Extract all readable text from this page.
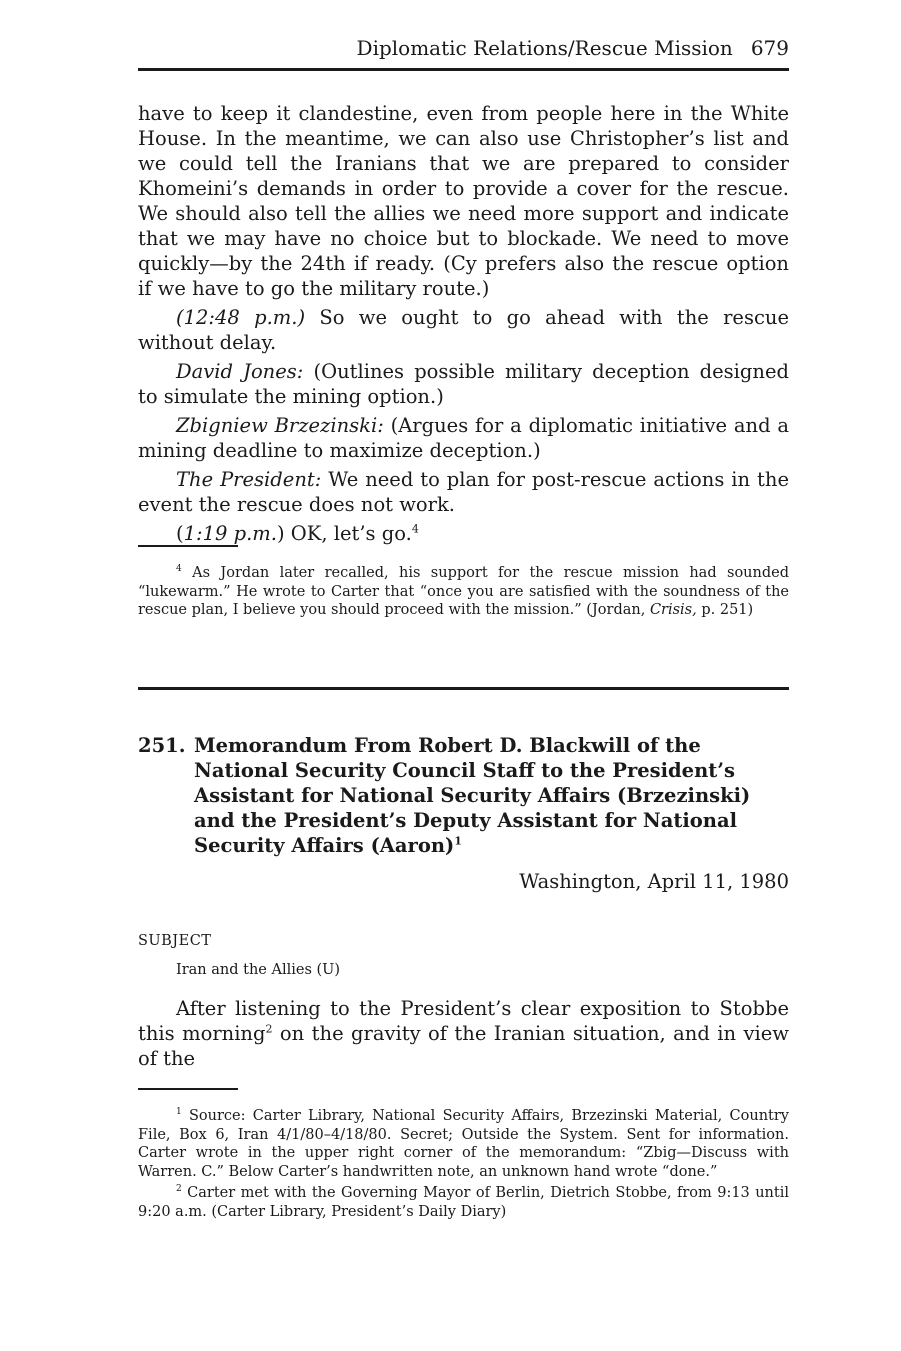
Diplomatic Relations/Rescue Mission 679

have to keep it clandestine, even from people here in the White House. In the meantime, we can also use Christopher’s list and we could tell the Iranians that we are prepared to consider Khomeini’s demands in order to provide a cover for the rescue. We should also tell the allies we need more support and indicate that we may have no choice but to blockade. We need to move quickly—by the 24th if ready. (Cy prefers also the rescue option if we have to go the military route.)

(12:48 p.m.) So we ought to go ahead with the rescue without delay.

David Jones: (Outlines possible military deception designed to simulate the mining option.)

Zbigniew Brzezinski: (Argues for a diplomatic initiative and a mining deadline to maximize deception.)

The President: We need to plan for post-rescue actions in the event the rescue does not work.

(1:19 p.m.) OK, let’s go.$^4$

$^4$ As Jordan later recalled, his support for the rescue mission had sounded “lukewarm.” He wrote to Carter that “once you are satisfied with the soundness of the rescue plan, I believe you should proceed with the mission.” (Jordan, Crisis, p. 251)

251. Memorandum From Robert D. Blackwill of the National Security Council Staff to the President’s Assistant for National Security Affairs (Brzezinski) and the President’s Deputy Assistant for National Security Affairs (Aaron)$^1$
Washington, April 11, 1980
SUBJECT
Iran and the Allies (U)

After listening to the President’s clear exposition to Stobbe this morning$^2$ on the gravity of the Iranian situation, and in view of the

$^1$ Source: Carter Library, National Security Affairs, Brzezinski Material, Country File, Box 6, Iran 4/1/80–4/18/80. Secret; Outside the System. Sent for information. Carter wrote in the upper right corner of the memorandum: “Zbig—Discuss with Warren. C.” Below Carter’s handwritten note, an unknown hand wrote “done.”

$^2$ Carter met with the Governing Mayor of Berlin, Dietrich Stobbe, from 9:13 until 9:20 a.m. (Carter Library, President’s Daily Diary)
